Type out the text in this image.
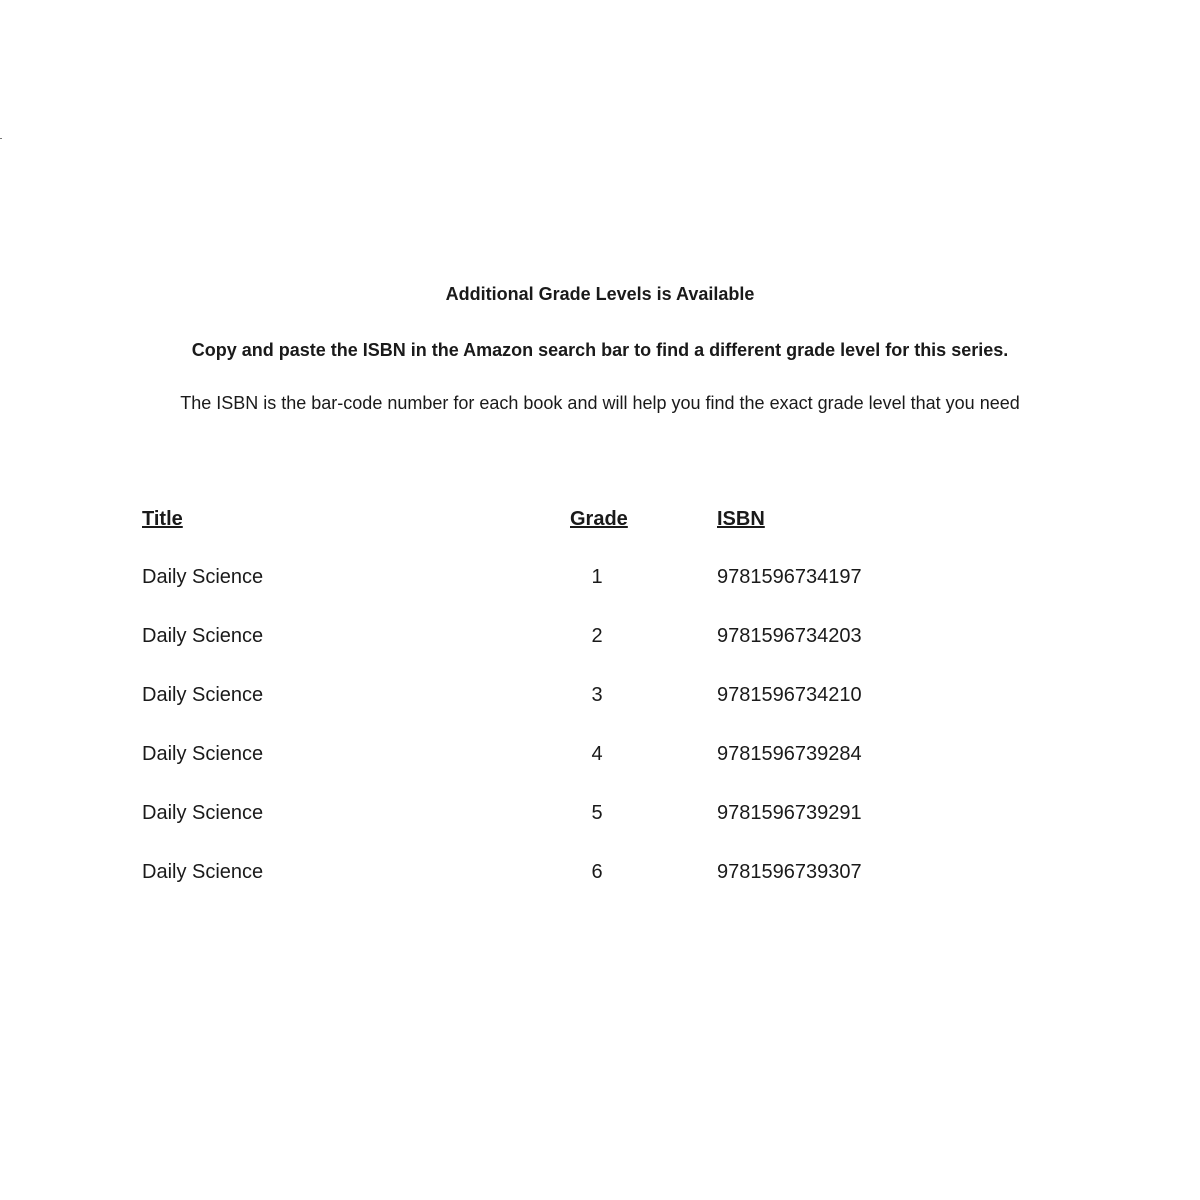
Additional Grade Levels is Available

Copy and paste the ISBN in the Amazon search bar to find a different grade level for this series.

The ISBN is the bar-code number for each book and will help you find the exact grade level that you need

Title	Grade	ISBN
Daily Science	1	9781596734197
Daily Science	2	9781596734203
Daily Science	3	9781596734210
Daily Science	4	9781596739284
Daily Science	5	9781596739291
Daily Science	6	9781596739307
